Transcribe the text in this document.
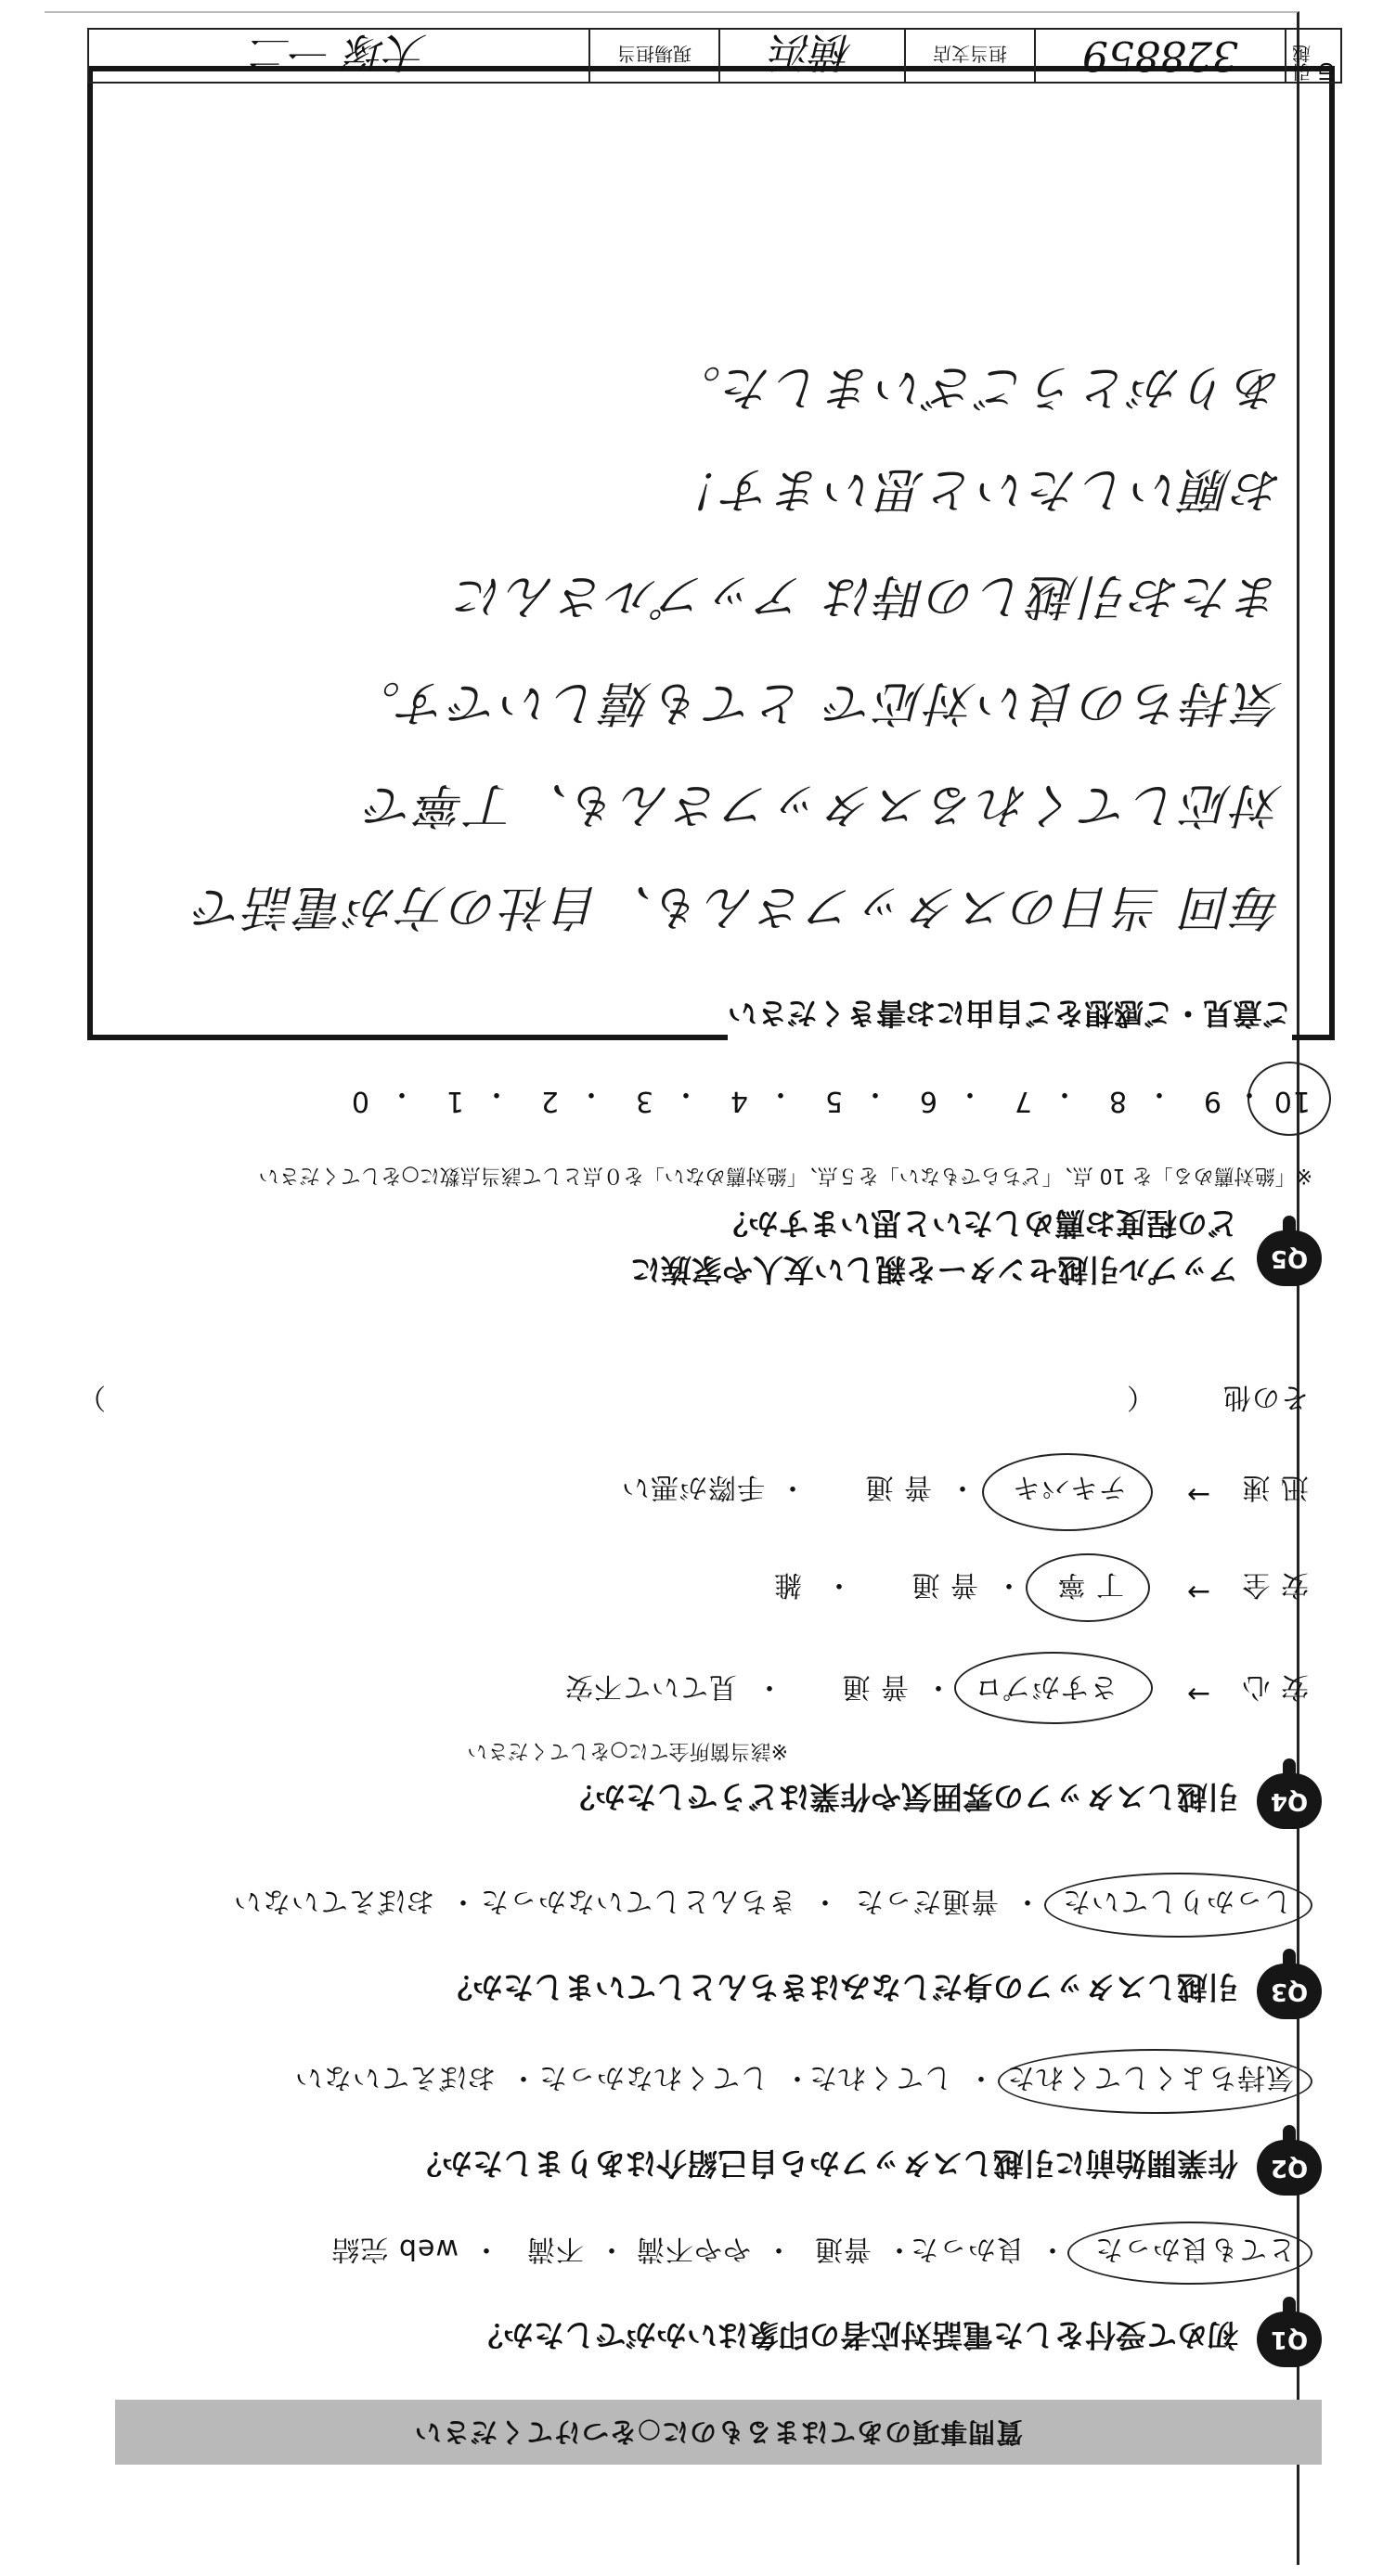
質問事項のあてはまるものに○をつけてください
Q1
初めて受付をした電話対応者の印象はいかがでしたか？
とても良かった
・
良かった
・
普通
・
やや不満
・
不満
・
web 完結
Q2
作業開始前に引越しスタッフから自己紹介はありましたか？
気持ちよくしてくれた
・
してくれた
・
してくれなかった
・
おぼえていない
Q3
引越しスタッフの身だしなみはきちんとしていましたか？
しっかりしていた
・
普通だった
・
きちんとしていなかった
・
おぼえていない
Q4
引越しスタッフの雰囲気や作業はどうでしたか？
※該当箇所全てに○をしてください
安 心
→
さすがプロ
・
普 通
・
見ていて不安
安 全
→
丁 寧
・
普 通
・
雑
迅 速
→
テキパキ
・
普 通
・
手際が悪い
その他
（
）
Q5
アップル引越センターを親しい友人や家族に
どの程度お薦めしたいと思いますか？
※「絶対薦める」を 10 点、「どちらでもない」を５点、「絶対薦めない」を０点として該当点数に○をしてください
10
9
8
7
6
5
4
3
2
1
0	・
・
・
・
・
・
・
・
・
・
ご意見・ご感想をご自由にお書きください
毎回 当日のスタッフさんも、自社の方が電話で
対応してくれるスタッフさんも、丁寧で
気持ちの良い対応で とても嬉しいです。
またお引越しの時は アップルさんに
お願いしたいと思います！
ありがとうございました。
引越 ID
328859
担当支店
横浜
現場担当
大塚 一二
